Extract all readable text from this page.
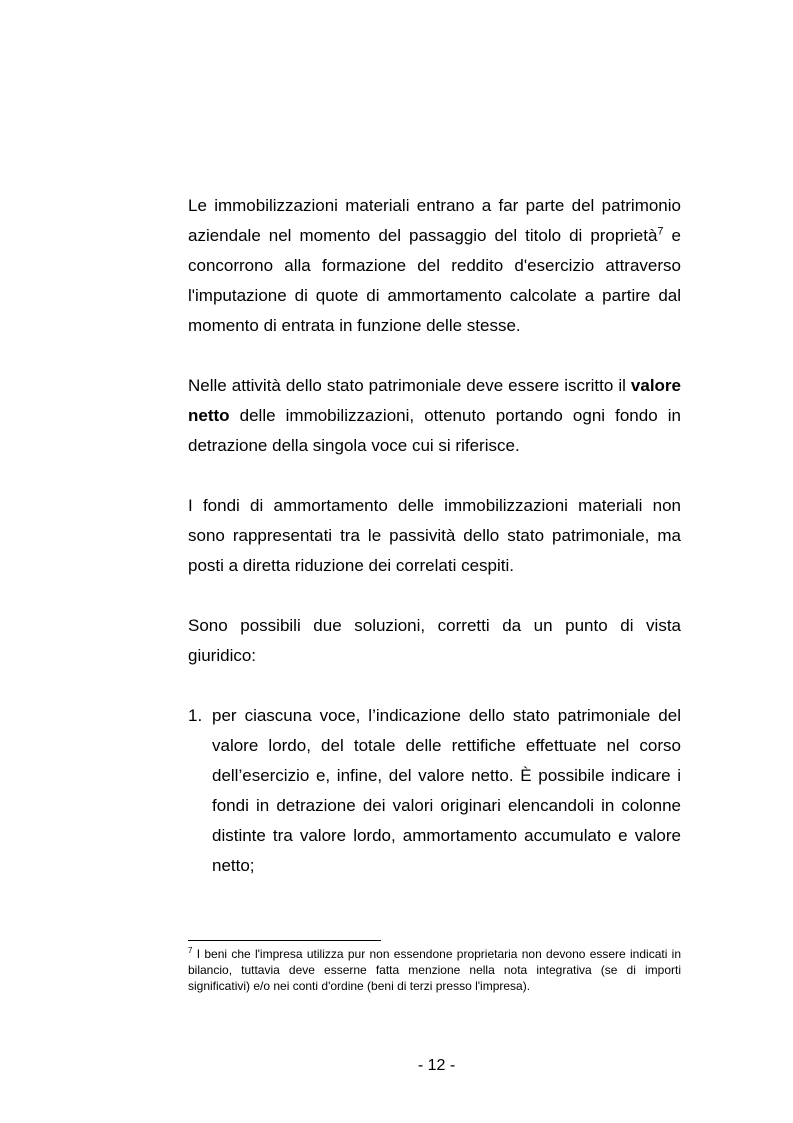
Le immobilizzazioni materiali entrano a far parte del patrimonio aziendale nel momento del passaggio del titolo di proprietà$^7$ e concorrono alla formazione del reddito d'esercizio attraverso l'imputazione di quote di ammortamento calcolate a partire dal momento di entrata in funzione delle stesse.

Nelle attività dello stato patrimoniale deve essere iscritto il valore netto delle immobilizzazioni, ottenuto portando ogni fondo in detrazione della singola voce cui si riferisce.

I fondi di ammortamento delle immobilizzazioni materiali non sono rappresentati tra le passività dello stato patrimoniale, ma posti a diretta riduzione dei correlati cespiti.

Sono possibili due soluzioni, corretti da un punto di vista giuridico:

1. per ciascuna voce, l’indicazione dello stato patrimoniale del valore lordo, del totale delle rettifiche effettuate nel corso dell’esercizio e, infine, del valore netto. È possibile indicare i fondi in detrazione dei valori originari elencandoli in colonne distinte tra valore lordo, ammortamento accumulato e valore netto;
$^7$ I beni che l'impresa utilizza pur non essendone proprietaria non devono essere indicati in bilancio, tuttavia deve esserne fatta menzione nella nota integrativa (se di importi significativi) e/o nei conti d'ordine (beni di terzi presso l'impresa).
- 12 -
